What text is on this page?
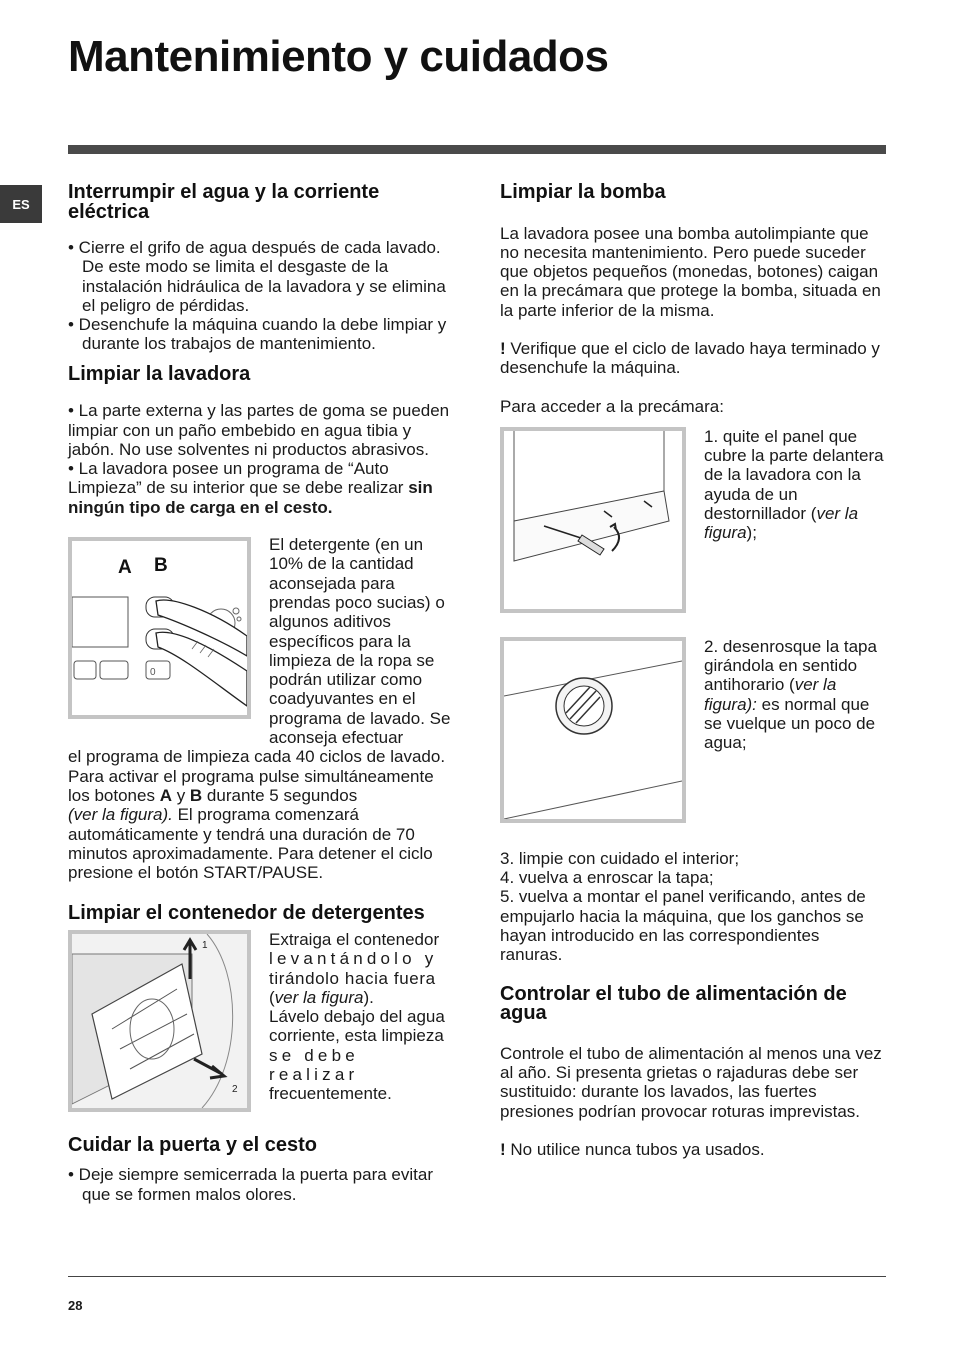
Mantenimiento y cuidados
ES
Interrumpir el agua y la corriente eléctrica

• Cierre el grifo de agua después de cada lavado. De este modo se limita el desgaste de la instalación hidráulica de la lavadora y se elimina el peligro de pérdidas.

• Desenchufe la máquina cuando la debe limpiar y durante los trabajos de mantenimiento.

Limpiar la lavadora

• La parte externa y las partes de goma se pueden limpiar con un paño embebido en agua tibia y jabón. No use solventes ni productos abrasivos.

• La lavadora posee un programa de “Auto Limpieza” de su interior que se debe realizar sin ningún tipo de carga en el cesto.

0
A B

El detergente (en un 10% de la cantidad aconsejada para prendas poco sucias) o algunos aditivos específicos para la limpieza de la ropa se podrán utilizar como coadyuvantes en el programa de lavado. Se aconseja efectuar

el programa de limpieza cada 40 ciclos de lavado.

Para activar el programa pulse simultáneamente los botones A y B durante 5 segundos
(ver la figura). El programa comenzará automáticamente y tendrá una duración de 70 minutos aproximadamente. Para detener el ciclo presione el botón START/PAUSE.

Limpiar el contenedor de detergentes
1
2

Extraiga el contenedor

levantándolo y

tirándolo hacia fuera

(ver la figura).

Lávelo debajo del agua corriente, esta limpieza

se debe realizar

frecuentemente.

Cuidar la puerta y el cesto

• Deje siempre semicerrada la puerta para evitar que se formen malos olores.

Limpiar la bomba

La lavadora posee una bomba autolimpiante que no necesita mantenimiento. Pero puede suceder que objetos pequeños (monedas, botones) caigan en la precámara que protege la bomba, situada en la parte inferior de la misma.

! Verifique que el ciclo de lavado haya terminado y desenchufe la máquina.

Para acceder a la precámara:

1. quite el panel que cubre la parte delantera de la lavadora con la ayuda de un destornillador (ver la figura);

2. desenrosque la tapa girándola en sentido antihorario (ver la figura): es normal que se vuelque un poco de agua;

3. limpie con cuidado el interior;

4. vuelva a enroscar la tapa;

5. vuelva a montar el panel verificando, antes de empujarlo hacia la máquina, que los ganchos se hayan introducido en las correspondientes ranuras.

Controlar el tubo de alimentación de agua

Controle el tubo de alimentación al menos una vez al año. Si presenta grietas o rajaduras debe ser sustituido: durante los lavados, las fuertes presiones podrían provocar roturas imprevistas.

! No utilice nunca tubos ya usados.

28
